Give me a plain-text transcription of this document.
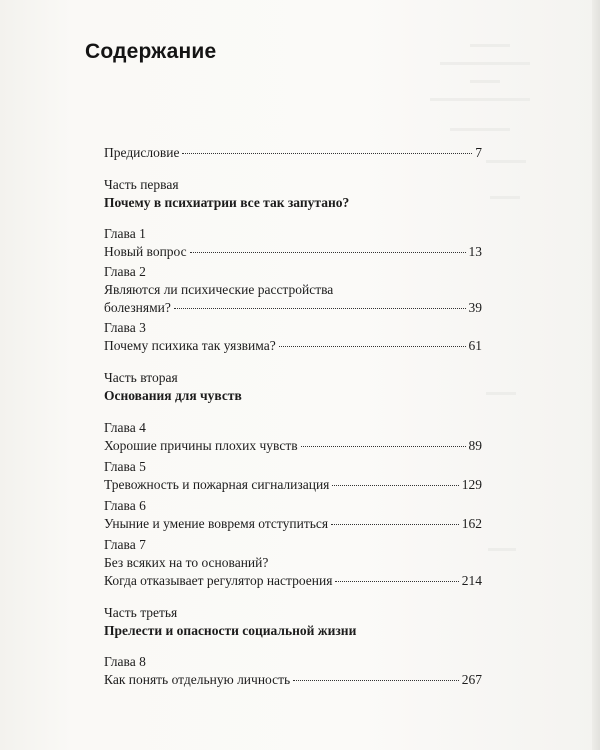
Содержание
Предисловие	7
Часть первая
Почему в психиатрии все так запутано?
Глава 1
Новый вопрос	13
Глава 2
Являются ли психические расстройства
болезнями?	39
Глава 3
Почему психика так уязвима?	61
Часть вторая
Основания для чувств
Глава 4
Хорошие причины плохих чувств	89
Глава 5
Тревожность и пожарная сигнализация	129
Глава 6
Уныние и умение вовремя отступиться	162
Глава 7
Без всяких на то оснований?
Когда отказывает регулятор настроения	214
Часть третья
Прелести и опасности социальной жизни
Глава 8
Как понять отдельную личность	267
